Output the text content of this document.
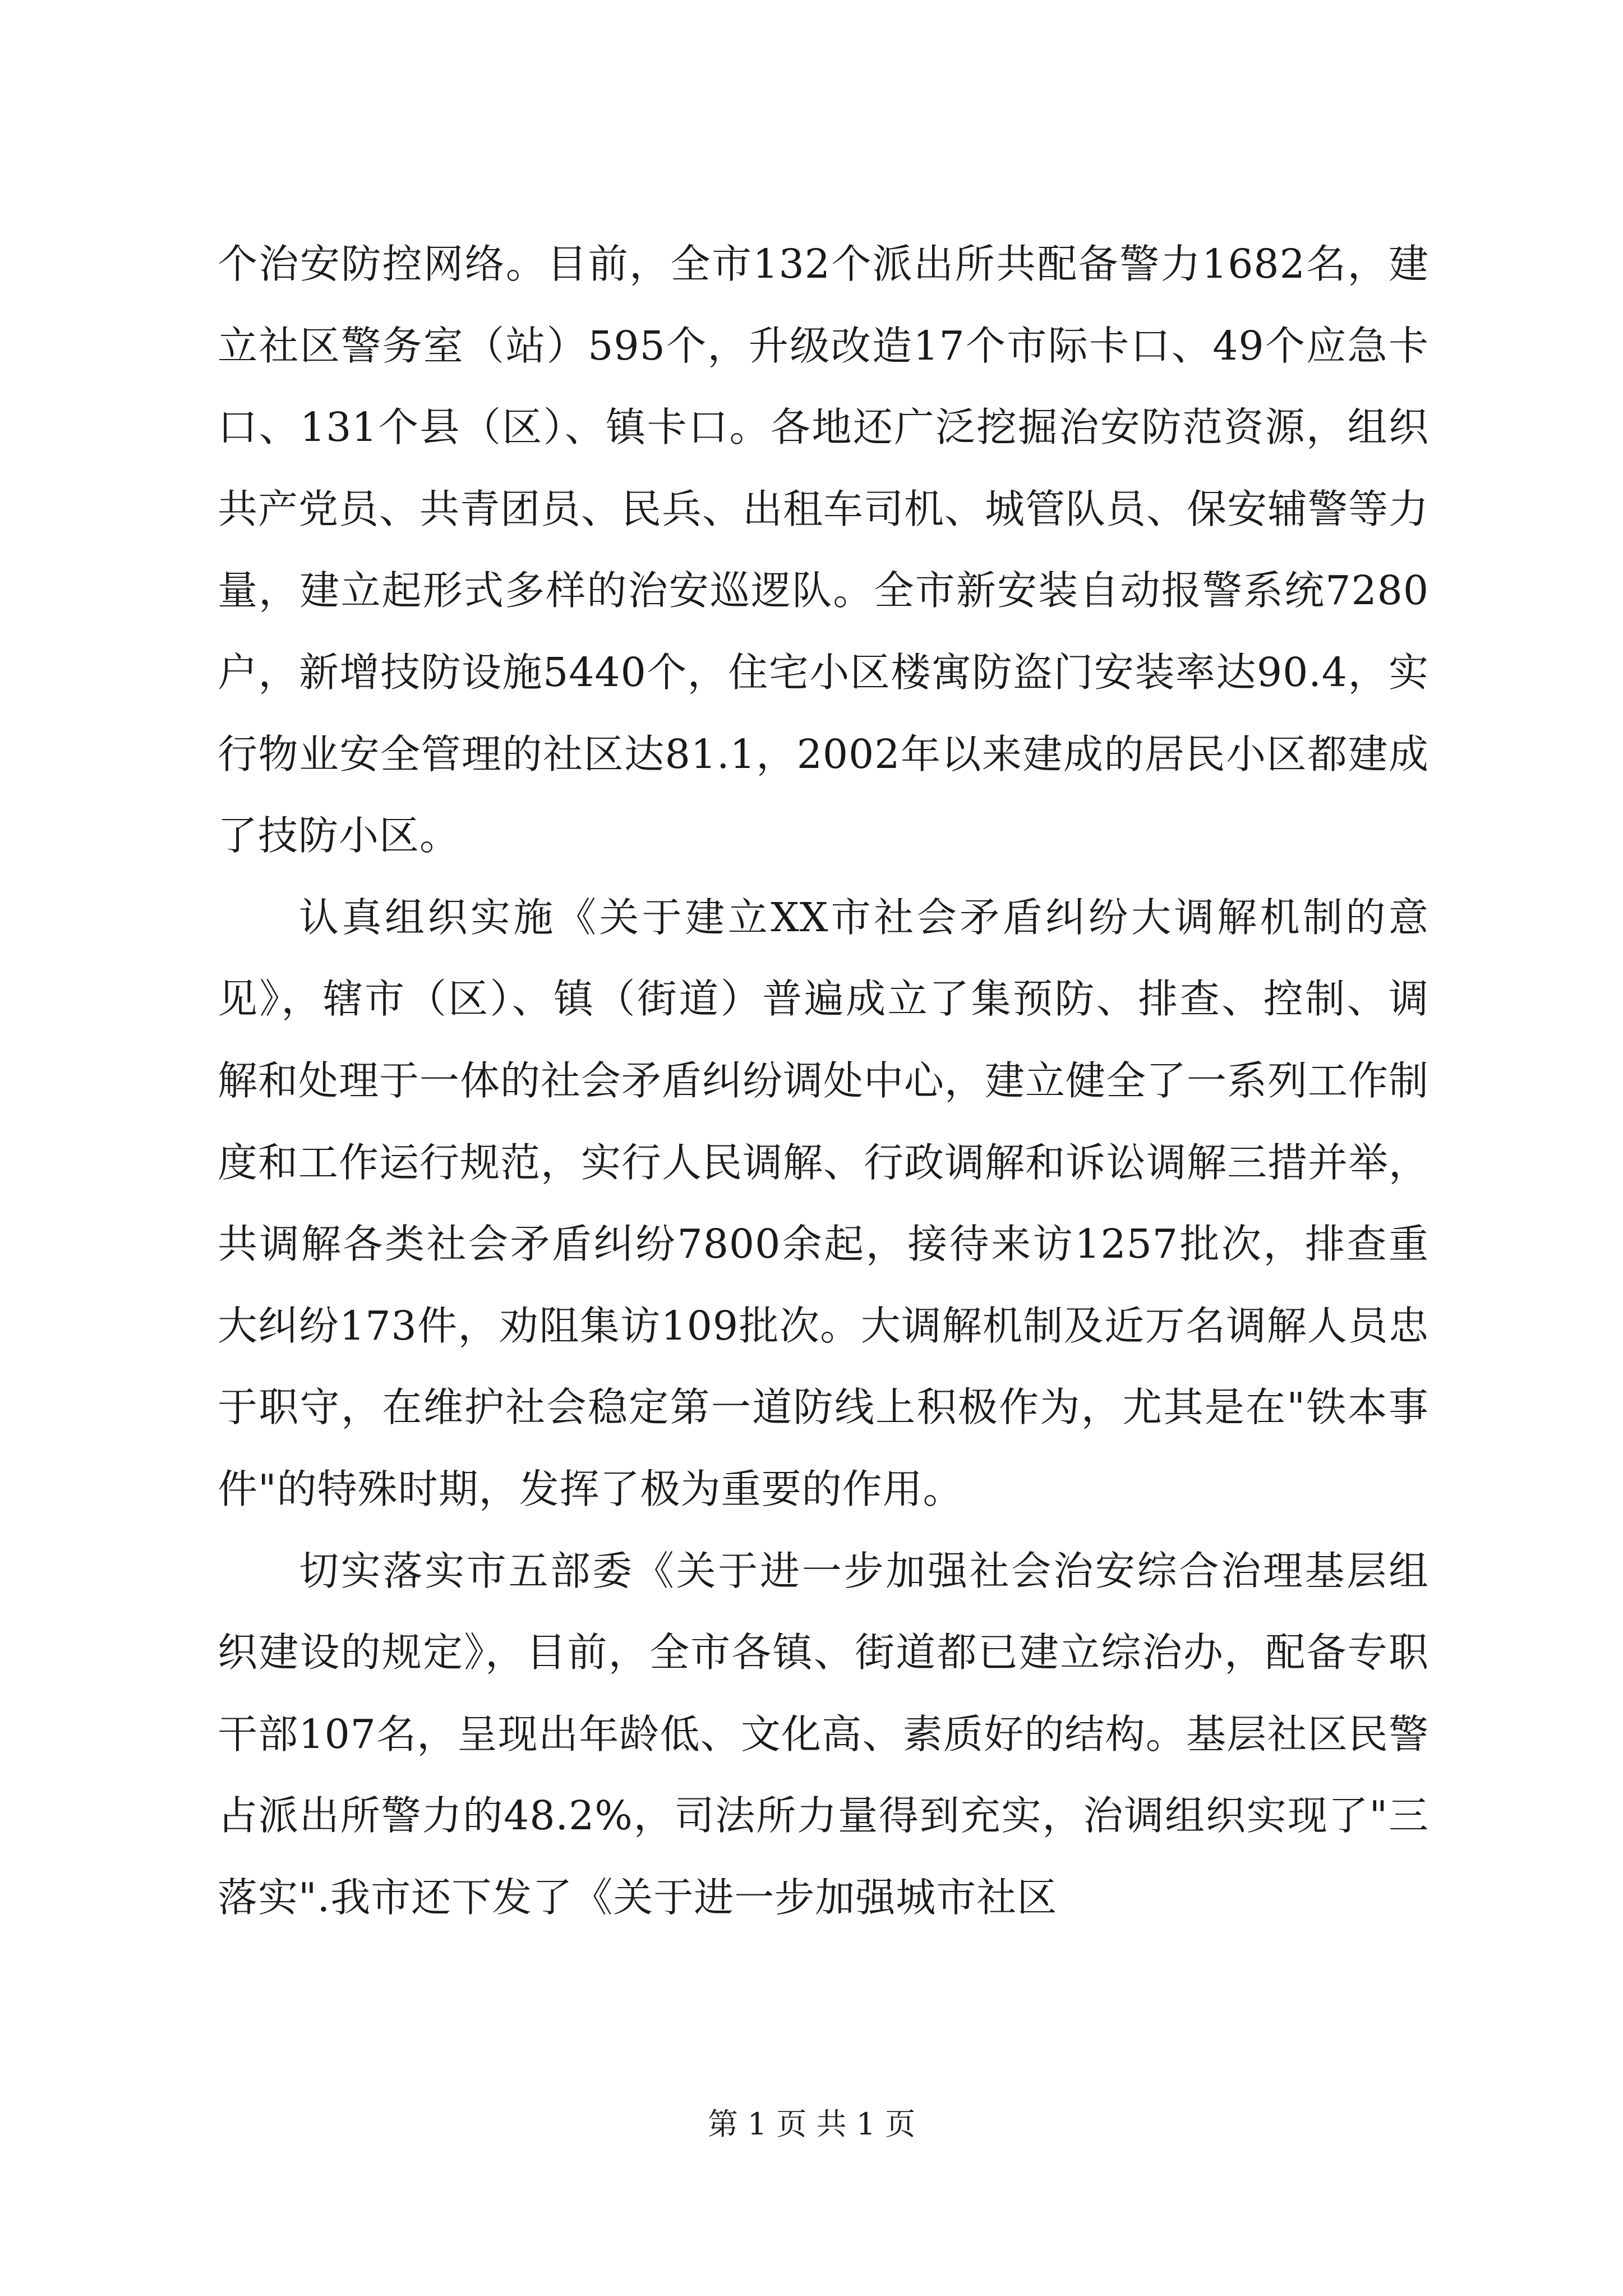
个治安防控网络。目前，全市132个派出所共配备警力1682名，建立社区警务室（站）595个，升级改造17个市际卡口、49个应急卡口、131个县（区）、镇卡口。各地还广泛挖掘治安防范资源，组织共产党员、共青团员、民兵、出租车司机、城管队员、保安辅警等力量，建立起形式多样的治安巡逻队。全市新安装自动报警系统7280户，新增技防设施5440个，住宅小区楼寓防盗门安装率达90.4，实行物业安全管理的社区达81.1，2002年以来建成的居民小区都建成了技防小区。

认真组织实施《关于建立XX市社会矛盾纠纷大调解机制的意见》，辖市（区）、镇（街道）普遍成立了集预防、排查、控制、调解和处理于一体的社会矛盾纠纷调处中心，建立健全了一系列工作制度和工作运行规范，实行人民调解、行政调解和诉讼调解三措并举，共调解各类社会矛盾纠纷7800余起，接待来访1257批次，排查重大纠纷173件，劝阻集访109批次。大调解机制及近万名调解人员忠于职守，在维护社会稳定第一道防线上积极作为，尤其是在"铁本事件"的特殊时期，发挥了极为重要的作用。

切实落实市五部委《关于进一步加强社会治安综合治理基层组织建设的规定》，目前，全市各镇、街道都已建立综治办，配备专职干部107名，呈现出年龄低、文化高、素质好的结构。基层社区民警占派出所警力的48.2%，司法所力量得到充实，治调组织实现了"三落实".我市还下发了《关于进一步加强城市社区

第 1 页 共 1 页
